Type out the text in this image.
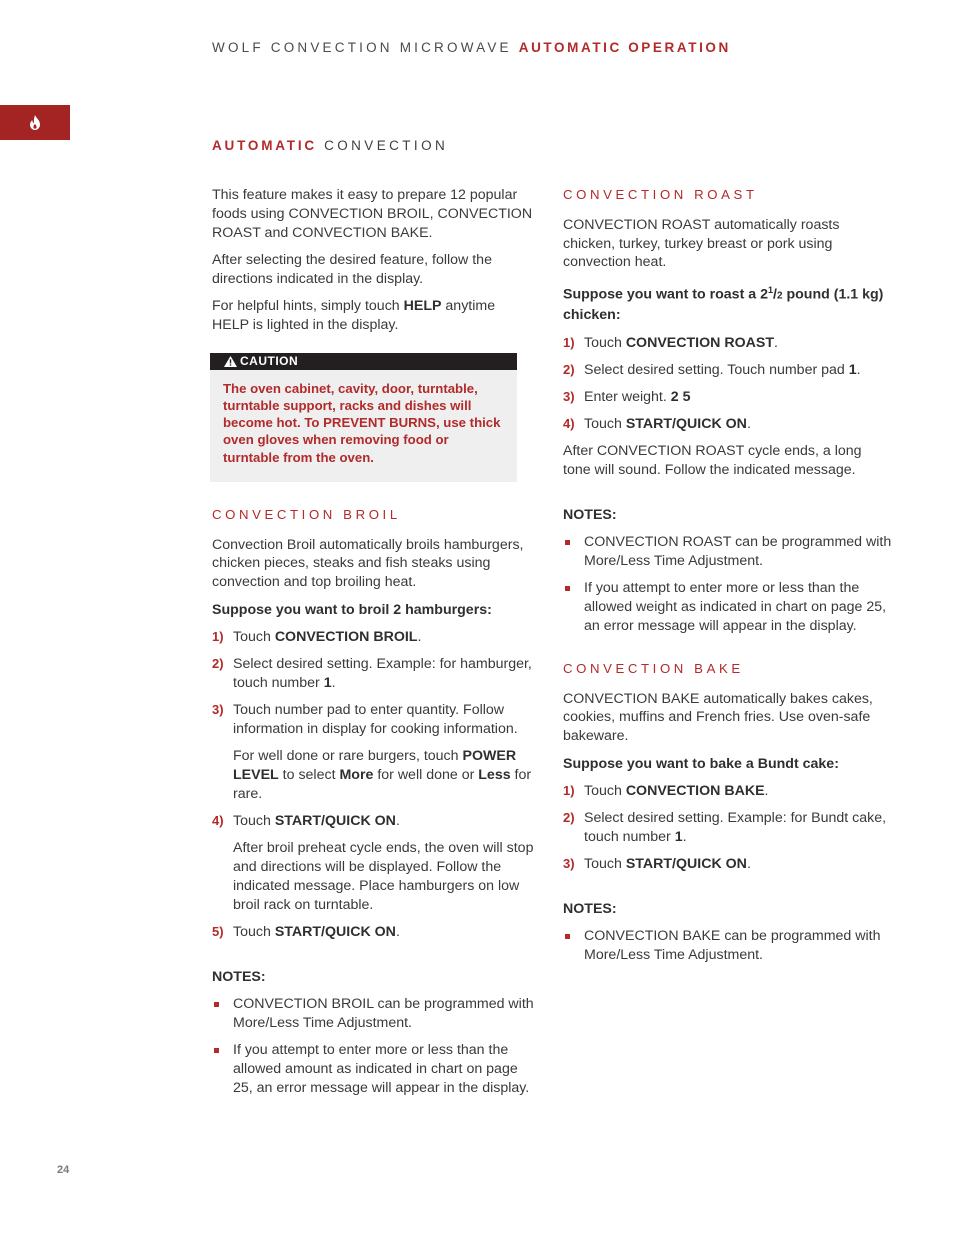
WOLF CONVECTION MICROWAVE AUTOMATIC OPERATION
AUTOMATIC CONVECTION

This feature makes it easy to prepare 12 popular foods using CONVECTION BROIL, CONVECTION ROAST and CONVECTION BAKE.

After selecting the desired feature, follow the directions indicated in the display.

For helpful hints, simply touch HELP anytime HELP is lighted in the display.

CAUTION
The oven cabinet, cavity, door, turntable, turntable support, racks and dishes will become hot. To PREVENT BURNS, use thick oven gloves when removing food or turntable from the oven.
CONVECTION BROIL

Convection Broil automatically broils hamburgers, chicken pieces, steaks and fish steaks using convection and top broiling heat.

Suppose you want to broil 2 hamburgers:

1) Touch CONVECTION BROIL.
2) Select desired setting. Example: for hamburger, touch number 1.
3) Touch number pad to enter quantity. Follow information in display for cooking information.

For well done or rare burgers, touch POWER LEVEL to select More for well done or Less for rare.

4) Touch START/QUICK ON.

After broil preheat cycle ends, the oven will stop and directions will be displayed. Follow the indicated message. Place hamburgers on low broil rack on turntable.

5) Touch START/QUICK ON.
NOTES:
CONVECTION BROIL can be programmed with More/Less Time Adjustment.
If you attempt to enter more or less than the allowed amount as indicated in chart on page 25, an error message will appear in the display.
CONVECTION ROAST

CONVECTION ROAST automatically roasts chicken, turkey, turkey breast or pork using convection heat.

Suppose you want to roast a $2^1/2$ pound (1.1 kg) chicken:

1) Touch CONVECTION ROAST.
2) Select desired setting. Touch number pad 1.
3) Enter weight. 2 5
4) Touch START/QUICK ON.

After CONVECTION ROAST cycle ends, a long tone will sound. Follow the indicated message.

NOTES:
CONVECTION ROAST can be programmed with More/Less Time Adjustment.
If you attempt to enter more or less than the allowed weight as indicated in chart on page 25, an error message will appear in the display.
CONVECTION BAKE

CONVECTION BAKE automatically bakes cakes, cookies, muffins and French fries. Use oven-safe bakeware.

Suppose you want to bake a Bundt cake:

1) Touch CONVECTION BAKE.
2) Select desired setting. Example: for Bundt cake, touch number 1.
3) Touch START/QUICK ON.
NOTES:
CONVECTION BAKE can be programmed with More/Less Time Adjustment.
24
